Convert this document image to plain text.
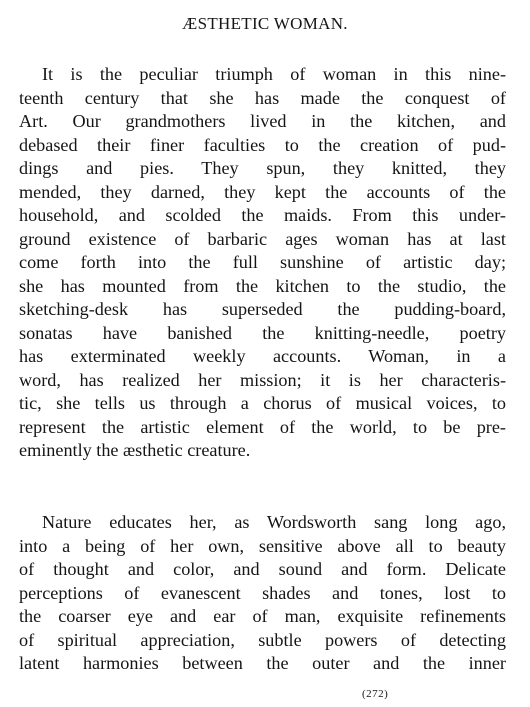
ÆSTHETIC WOMAN.
It is the peculiar triumph of woman in this nine-
teenth century that she has made the conquest of
Art. Our grandmothers lived in the kitchen, and
debased their finer faculties to the creation of pud-
dings and pies. They spun, they knitted, they
mended, they darned, they kept the accounts of the
household, and scolded the maids. From this under-
ground existence of barbaric ages woman has at last
come forth into the full sunshine of artistic day;
she has mounted from the kitchen to the studio, the
sketching-desk has superseded the pudding-board,
sonatas have banished the knitting-needle, poetry
has exterminated weekly accounts. Woman, in a
word, has realized her mission; it is her characteris-
tic, she tells us through a chorus of musical voices, to
represent the artistic element of the world, to be pre-
eminently the æsthetic creature.
Nature educates her, as Wordsworth sang long ago,
into a being of her own, sensitive above all to beauty
of thought and color, and sound and form. Delicate
perceptions of evanescent shades and tones, lost to
the coarser eye and ear of man, exquisite refinements
of spiritual appreciation, subtle powers of detecting
latent harmonies between the outer and the inner
(272)
